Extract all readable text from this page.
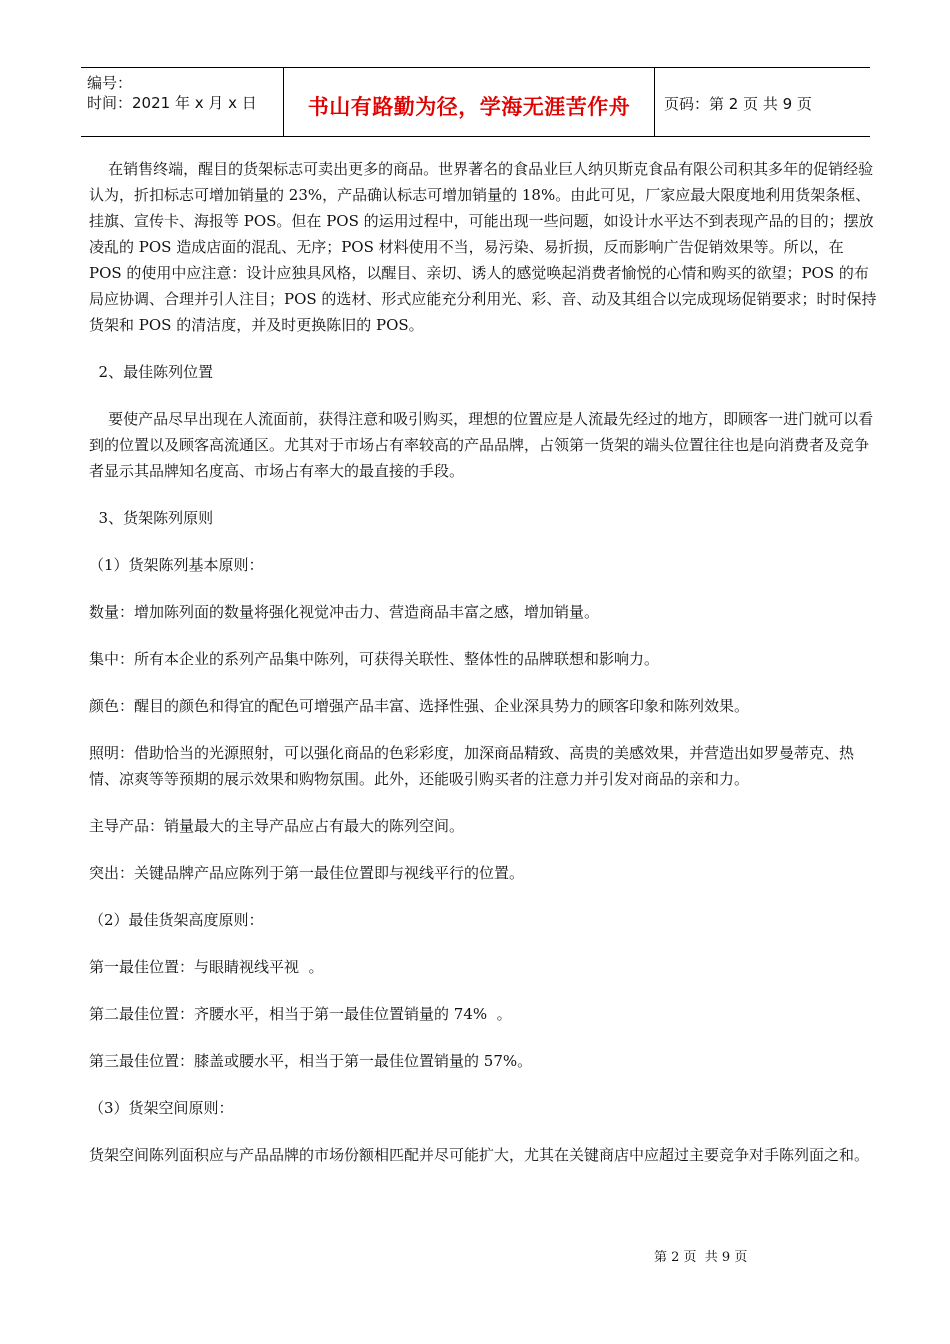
编号：
时间：2021 年 x 月 x 日	书山有路勤为径，学海无涯苦作舟	页码：第 2 页 共 9 页

在销售终端，醒目的货架标志可卖出更多的商品。世界著名的食品业巨人纳贝斯克食品有限公司积其多年的促销经验认为，折扣标志可增加销量的 23%，产品确认标志可增加销量的 18%。由此可见，厂家应最大限度地利用货架条框、挂旗、宣传卡、海报等 POS。但在 POS 的运用过程中，可能出现一些问题，如设计水平达不到表现产品的目的；摆放凌乱的 POS 造成店面的混乱、无序；POS 材料使用不当，易污染、易折损，反而影响广告促销效果等。所以，在 POS 的使用中应注意：设计应独具风格，以醒目、亲切、诱人的感觉唤起消费者愉悦的心情和购买的欲望；POS 的布局应协调、合理并引人注目；POS 的选材、形式应能充分利用光、彩、音、动及其组合以完成现场促销要求；时时保持货架和 POS 的清洁度，并及时更换陈旧的 POS。

2、最佳陈列位置

要使产品尽早出现在人流面前，获得注意和吸引购买，理想的位置应是人流最先经过的地方，即顾客一进门就可以看到的位置以及顾客高流通区。尤其对于市场占有率较高的产品品牌，占领第一货架的端头位置往往也是向消费者及竞争者显示其品牌知名度高、市场占有率大的最直接的手段。

3、货架陈列原则

（1）货架陈列基本原则：

数量：增加陈列面的数量将强化视觉冲击力、营造商品丰富之感，增加销量。

集中：所有本企业的系列产品集中陈列，可获得关联性、整体性的品牌联想和影响力。

颜色：醒目的颜色和得宜的配色可增强产品丰富、选择性强、企业深具势力的顾客印象和陈列效果。

照明：借助恰当的光源照射，可以强化商品的色彩彩度，加深商品精致、高贵的美感效果，并营造出如罗曼蒂克、热情、凉爽等等预期的展示效果和购物氛围。此外，还能吸引购买者的注意力并引发对商品的亲和力。

主导产品：销量最大的主导产品应占有最大的陈列空间。

突出：关键品牌产品应陈列于第一最佳位置即与视线平行的位置。

（2）最佳货架高度原则：

第一最佳位置：与眼睛视线平视  。

第二最佳位置：齐腰水平，相当于第一最佳位置销量的 74%  。

第三最佳位置：膝盖或腰水平，相当于第一最佳位置销量的 57%。

（3）货架空间原则：

货架空间陈列面积应与产品品牌的市场份额相匹配并尽可能扩大，尤其在关键商店中应超过主要竞争对手陈列面之和。

第 2 页  共 9 页
